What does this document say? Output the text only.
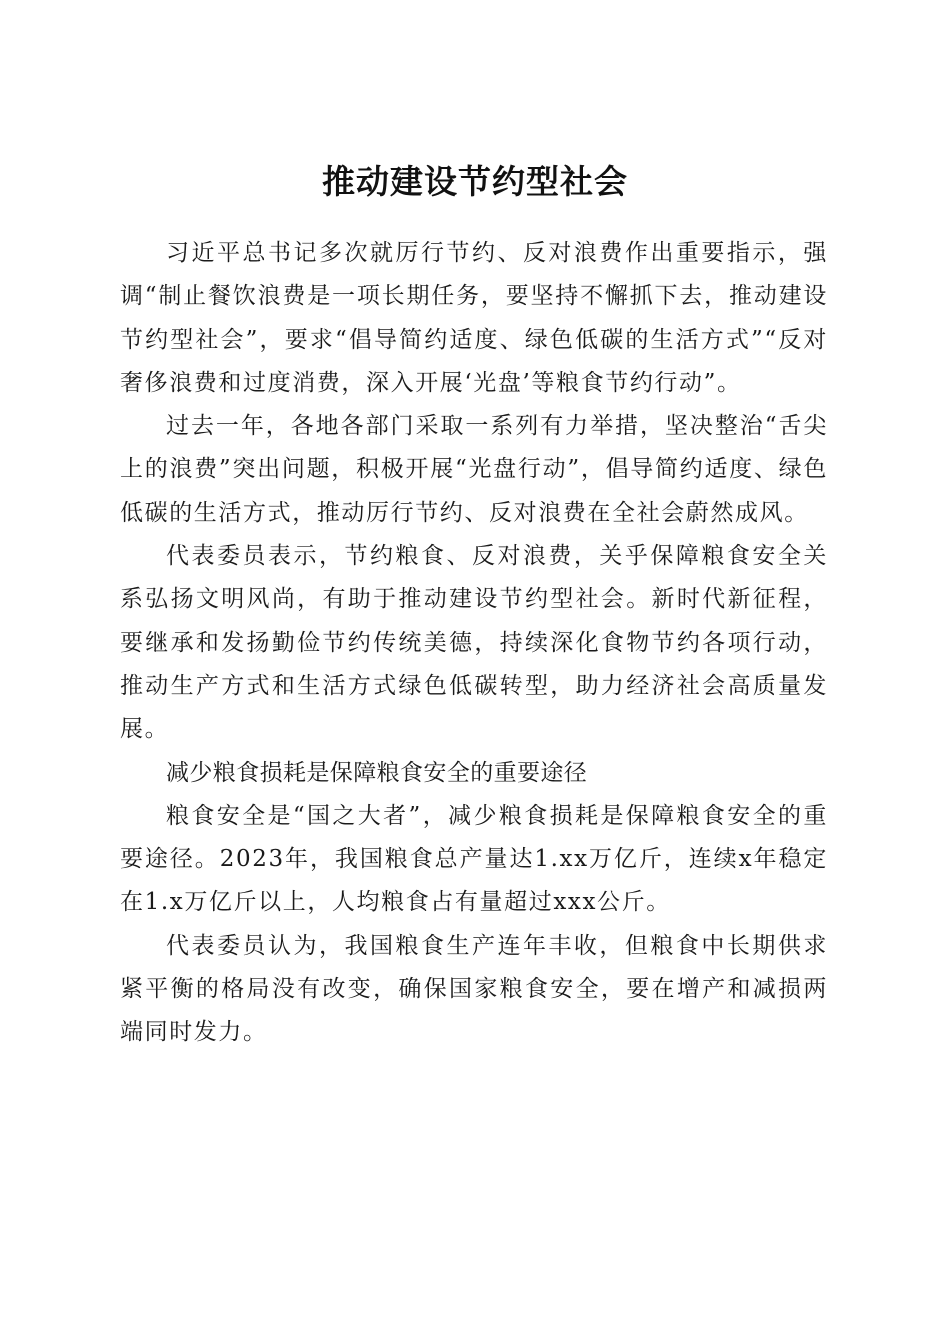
推动建设节约型社会

习近平总书记多次就厉行节约、反对浪费作出重要指示，强调“制止餐饮浪费是一项长期任务，要坚持不懈抓下去，推动建设节约型社会”，要求“倡导简约适度、绿色低碳的生活方式”“反对奢侈浪费和过度消费，深入开展‘光盘’等粮食节约行动”。

过去一年，各地各部门采取一系列有力举措，坚决整治“舌尖上的浪费”突出问题，积极开展“光盘行动”，倡导简约适度、绿色低碳的生活方式，推动厉行节约、反对浪费在全社会蔚然成风。

代表委员表示，节约粮食、反对浪费，关乎保障粮食安全关系弘扬文明风尚，有助于推动建设节约型社会。新时代新征程，要继承和发扬勤俭节约传统美德，持续深化食物节约各项行动，推动生产方式和生活方式绿色低碳转型，助力经济社会高质量发展。

减少粮食损耗是保障粮食安全的重要途径

粮食安全是“国之大者”，减少粮食损耗是保障粮食安全的重要途径。2023年，我国粮食总产量达1.xx万亿斤，连续x年稳定在1.x万亿斤以上，人均粮食占有量超过xxx公斤。

代表委员认为，我国粮食生产连年丰收，但粮食中长期供求紧平衡的格局没有改变，确保国家粮食安全，要在增产和减损两端同时发力。
